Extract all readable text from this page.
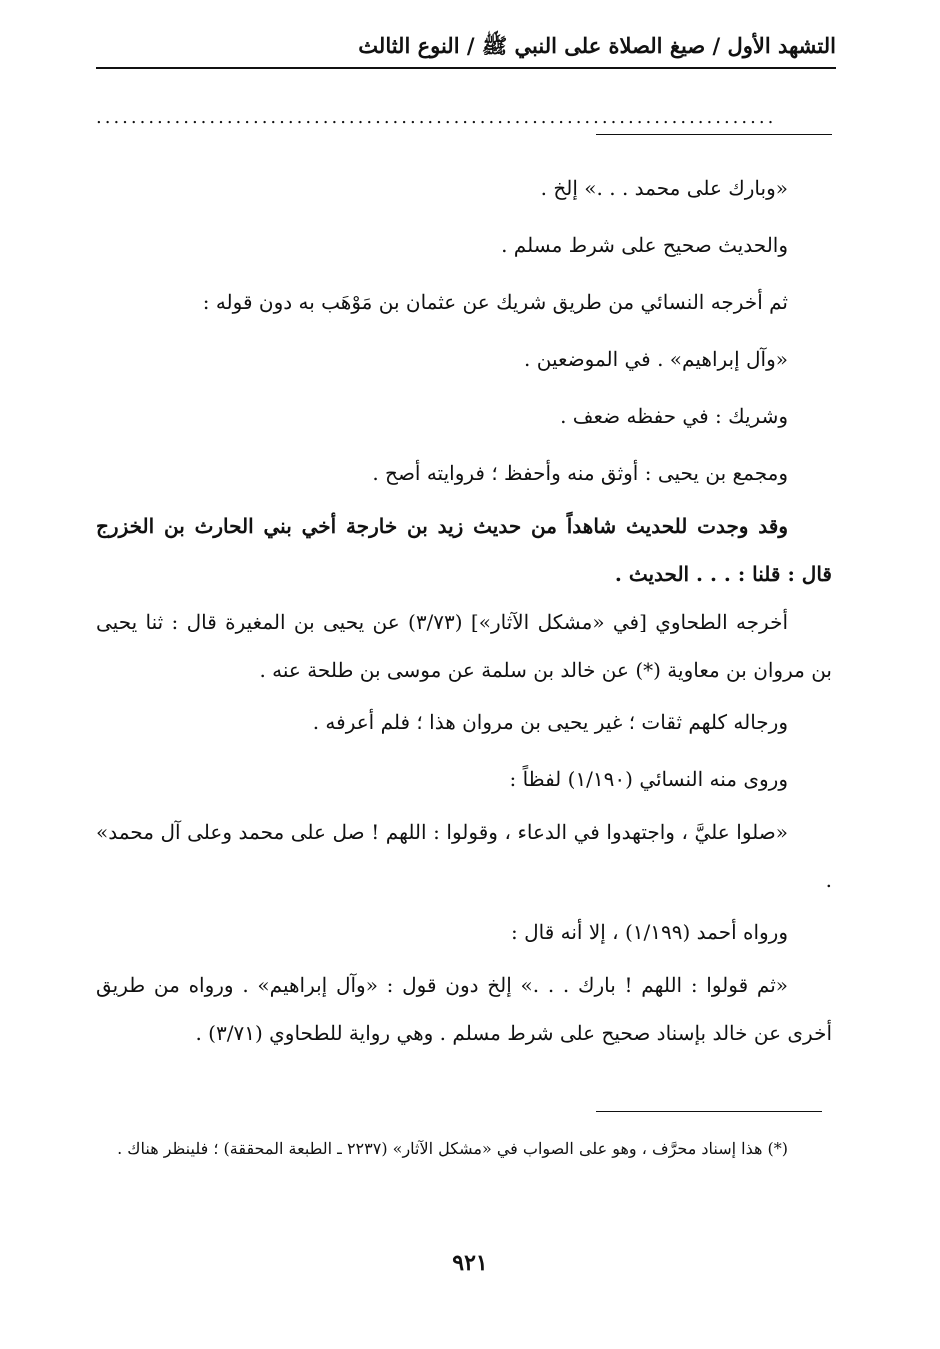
التشهد الأول / صيغ الصلاة على النبي ﷺ / النوع الثالث
..............................................................................

«وبارك على محمد . . .» إلخ .

والحديث صحيح على شرط مسلم .

ثم أخرجه النسائي من طريق شريك عن عثمان بن مَوْهَب به دون قوله :

«وآل إبراهيم» . في الموضعين .

وشريك : في حفظه ضعف .

ومجمع بن يحيى : أوثق منه وأحفظ ؛ فروايته أصح .

وقد وجدت للحديث شاهداً من حديث زيد بن خارجة أخي بني الحارث بن الخزرج قال : قلنا : . . . الحديث .

أخرجه الطحاوي [في «مشكل الآثار»] (٣/٧٣) عن يحيى بن المغيرة قال : ثنا يحيى بن مروان بن معاوية (*) عن خالد بن سلمة عن موسى بن طلحة عنه .

ورجاله كلهم ثقات ؛ غير يحيى بن مروان هذا ؛ فلم أعرفه .

وروى منه النسائي (١/١٩٠) لفظاً :

«صلوا عليَّ ، واجتهدوا في الدعاء ، وقولوا : اللهم ! صل على محمد وعلى آل محمد» .

ورواه أحمد (١/١٩٩) ، إلا أنه قال :

«ثم قولوا : اللهم ! بارك . . .» إلخ دون قول : «وآل إبراهيم» . ورواه من طريق أخرى عن خالد بإسناد صحيح على شرط مسلم . وهي رواية للطحاوي (٣/٧١) .

(*) هذا إسناد محرَّف ، وهو على الصواب في «مشكل الآثار» (٢٢٣٧ ـ الطبعة المحققة) ؛ فلينظر هناك .
٩٢١
